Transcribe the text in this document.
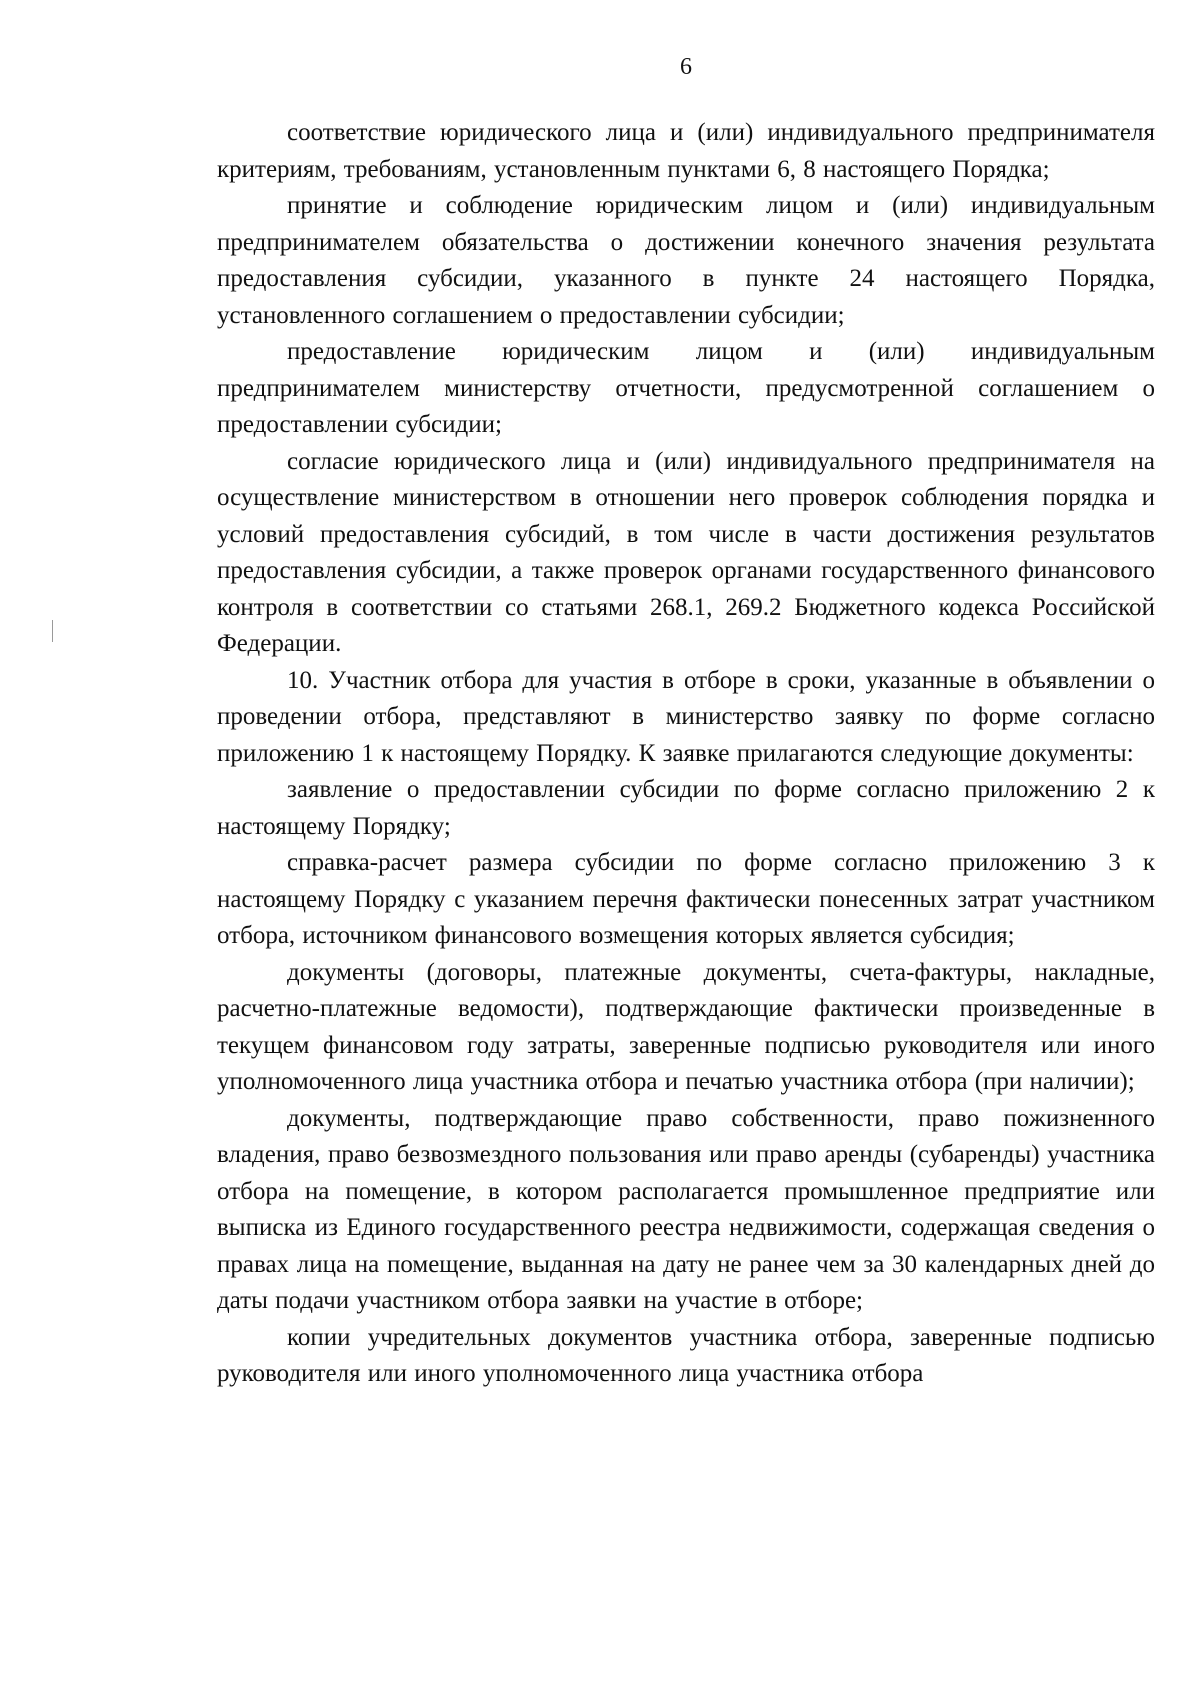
6

соответствие юридического лица и (или) индивидуального предпринимателя критериям, требованиям, установленным пунктами 6, 8 настоящего Порядка;

принятие и соблюдение юридическим лицом и (или) индивидуальным предпринимателем обязательства о достижении конечного значения результата предоставления субсидии, указанного в пункте 24 настоящего Порядка, установленного соглашением о предоставлении субсидии;

предоставление юридическим лицом и (или) индивидуальным предпринимателем министерству отчетности, предусмотренной соглашением о предоставлении субсидии;

согласие юридического лица и (или) индивидуального предпринимателя на осуществление министерством в отношении него проверок соблюдения порядка и условий предоставления субсидий, в том числе в части достижения результатов предоставления субсидии, а также проверок органами государственного финансового контроля в соответствии со статьями 268.1, 269.2 Бюджетного кодекса Российской Федерации.

10. Участник отбора для участия в отборе в сроки, указанные в объявлении о проведении отбора, представляют в министерство заявку по форме согласно приложению 1 к настоящему Порядку. К заявке прилагаются следующие документы:

заявление о предоставлении субсидии по форме согласно приложению 2 к настоящему Порядку;

справка-расчет размера субсидии по форме согласно приложению 3 к настоящему Порядку с указанием перечня фактически понесенных затрат участником отбора, источником финансового возмещения которых является субсидия;

документы (договоры, платежные документы, счета-фактуры, накладные, расчетно-платежные ведомости), подтверждающие фактически произведенные в текущем финансовом году затраты, заверенные подписью руководителя или иного уполномоченного лица участника отбора и печатью участника отбора (при наличии);

документы, подтверждающие право собственности, право пожизненного владения, право безвозмездного пользования или право аренды (субаренды) участника отбора на помещение, в котором располагается промышленное предприятие или выписка из Единого государственного реестра недвижимости, содержащая сведения о правах лица на помещение, выданная на дату не ранее чем за 30 календарных дней до даты подачи участником отбора заявки на участие в отборе;

копии учредительных документов участника отбора, заверенные подписью руководителя или иного уполномоченного лица участника отбора
